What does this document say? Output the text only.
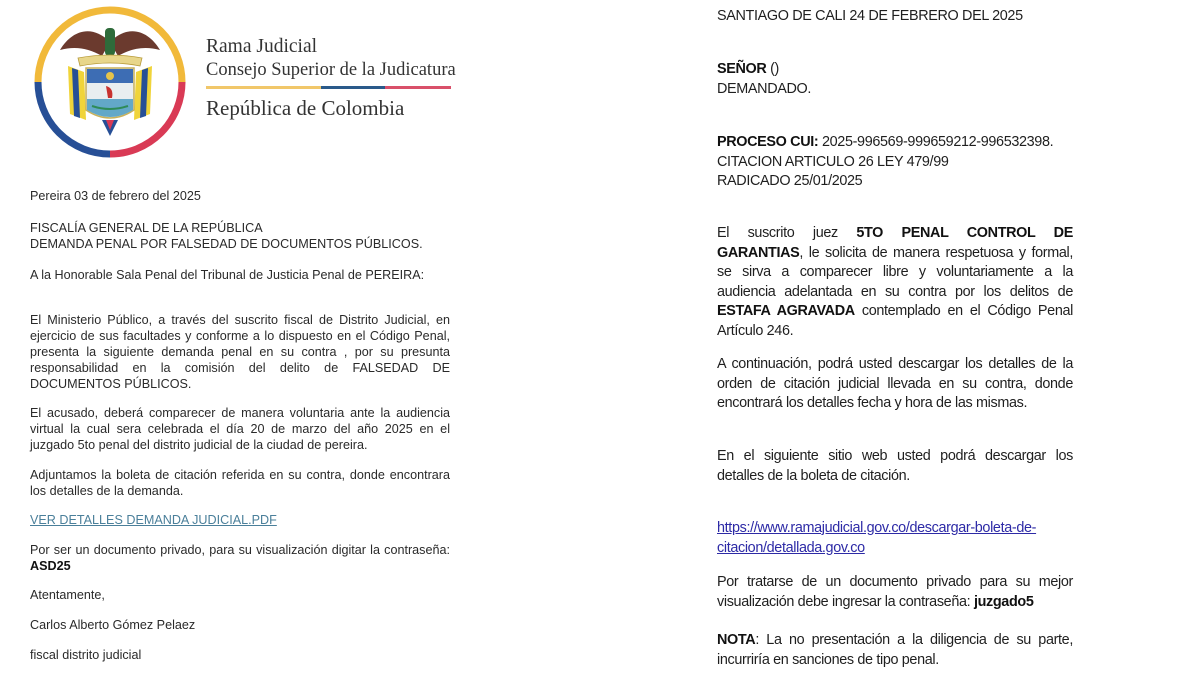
Rama Judicial
Consejo Superior de la Judicatura
República de Colombia

Pereira 03 de febrero del 2025

FISCALÍA GENERAL DE LA REPÚBLICA
DEMANDA PENAL POR FALSEDAD DE DOCUMENTOS PÚBLICOS.

A la Honorable Sala Penal del Tribunal de Justicia Penal de PEREIRA:

El Ministerio Público, a través del suscrito fiscal de Distrito Judicial, en ejercicio de sus facultades y conforme a lo dispuesto en el Código Penal, presenta la siguiente demanda penal en su contra , por su presunta responsabilidad en la comisión del delito de FALSEDAD DE DOCUMENTOS PÚBLICOS.

El acusado, deberá comparecer de manera voluntaria ante la audiencia virtual la cual sera celebrada el día 20 de marzo del año 2025 en el juzgado 5to penal del distrito judicial de la ciudad de pereira.

Adjuntamos la boleta de citación referida en su contra, donde encontrara los detalles de la demanda.

VER DETALLES DEMANDA JUDICIAL.PDF

Por ser un documento privado, para su visualización digitar la contraseña: ASD25

Atentamente,

Carlos Alberto Gómez Pelaez

fiscal distrito judicial

SANTIAGO DE CALI 24 DE FEBRERO DEL 2025

SEÑOR ()
DEMANDADO.

PROCESO CUI: 2025-996569-999659212-996532398.
CITACION ARTICULO 26 LEY 479/99
RADICADO 25/01/2025

El suscrito juez 5TO PENAL CONTROL DE GARANTIAS, le solicita de manera respetuosa y formal, se sirva a comparecer libre y voluntariamente a la audiencia adelantada en su contra por los delitos de ESTAFA AGRAVADA contemplado en el Código Penal Artículo 246.

A continuación, podrá usted descargar los detalles de la orden de citación judicial llevada en su contra, donde encontrará los detalles fecha y hora de las mismas.

En el siguiente sitio web usted podrá descargar los detalles de la boleta de citación.

https://www.ramajudicial.gov.co/descargar-boleta-de-
citacion/detallada.gov.co

Por tratarse de un documento privado para su mejor visualización debe ingresar la contraseña: juzgado5

NOTA: La no presentación a la diligencia de su parte, incurriría en sanciones de tipo penal.
